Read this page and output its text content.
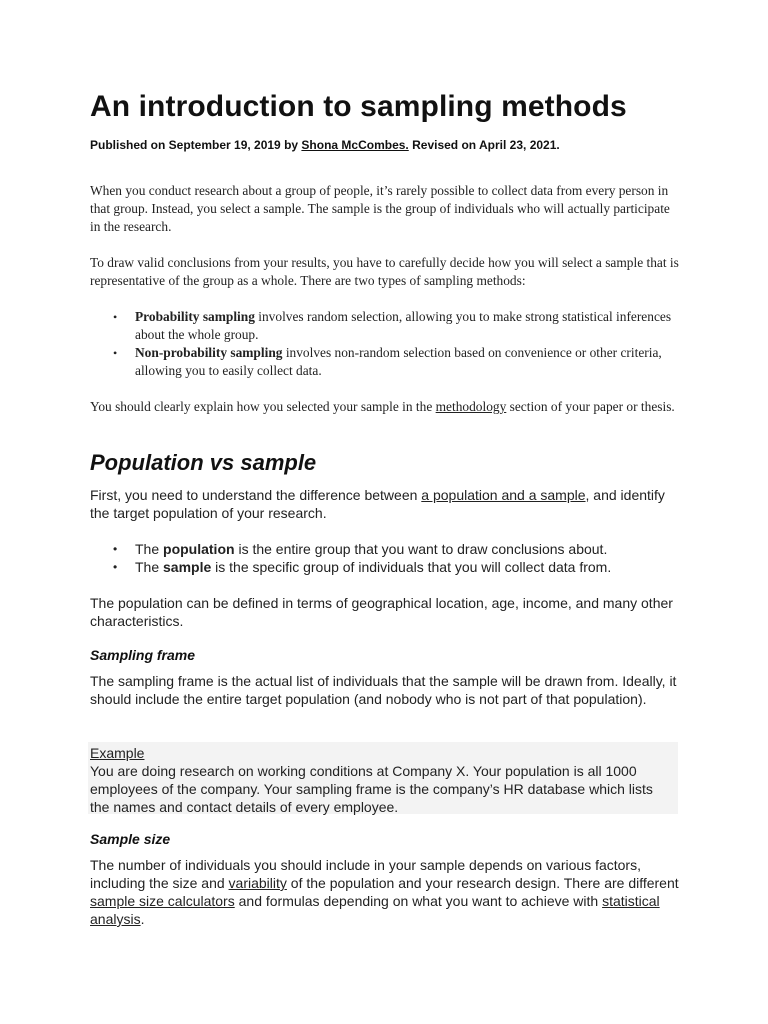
An introduction to sampling methods
Published on September 19, 2019 by Shona McCombes. Revised on April 23, 2021.

When you conduct research about a group of people, it’s rarely possible to collect data from every person in that group. Instead, you select a sample. The sample is the group of individuals who will actually participate in the research.

To draw valid conclusions from your results, you have to carefully decide how you will select a sample that is representative of the group as a whole. There are two types of sampling methods:

• Probability sampling involves random selection, allowing you to make strong statistical inferences about the whole group.
• Non-probability sampling involves non-random selection based on convenience or other criteria, allowing you to easily collect data.

You should clearly explain how you selected your sample in the methodology section of your paper or thesis.

Population vs sample

First, you need to understand the difference between a population and a sample, and identify the target population of your research.

• The population is the entire group that you want to draw conclusions about.
• The sample is the specific group of individuals that you will collect data from.

The population can be defined in terms of geographical location, age, income, and many other characteristics.

Sampling frame

The sampling frame is the actual list of individuals that the sample will be drawn from. Ideally, it should include the entire target population (and nobody who is not part of that population).

Example
You are doing research on working conditions at Company X. Your population is all 1000 employees of the company. Your sampling frame is the company’s HR database which lists the names and contact details of every employee.
Sample size

The number of individuals you should include in your sample depends on various factors, including the size and variability of the population and your research design. There are different sample size calculators and formulas depending on what you want to achieve with statistical analysis.
